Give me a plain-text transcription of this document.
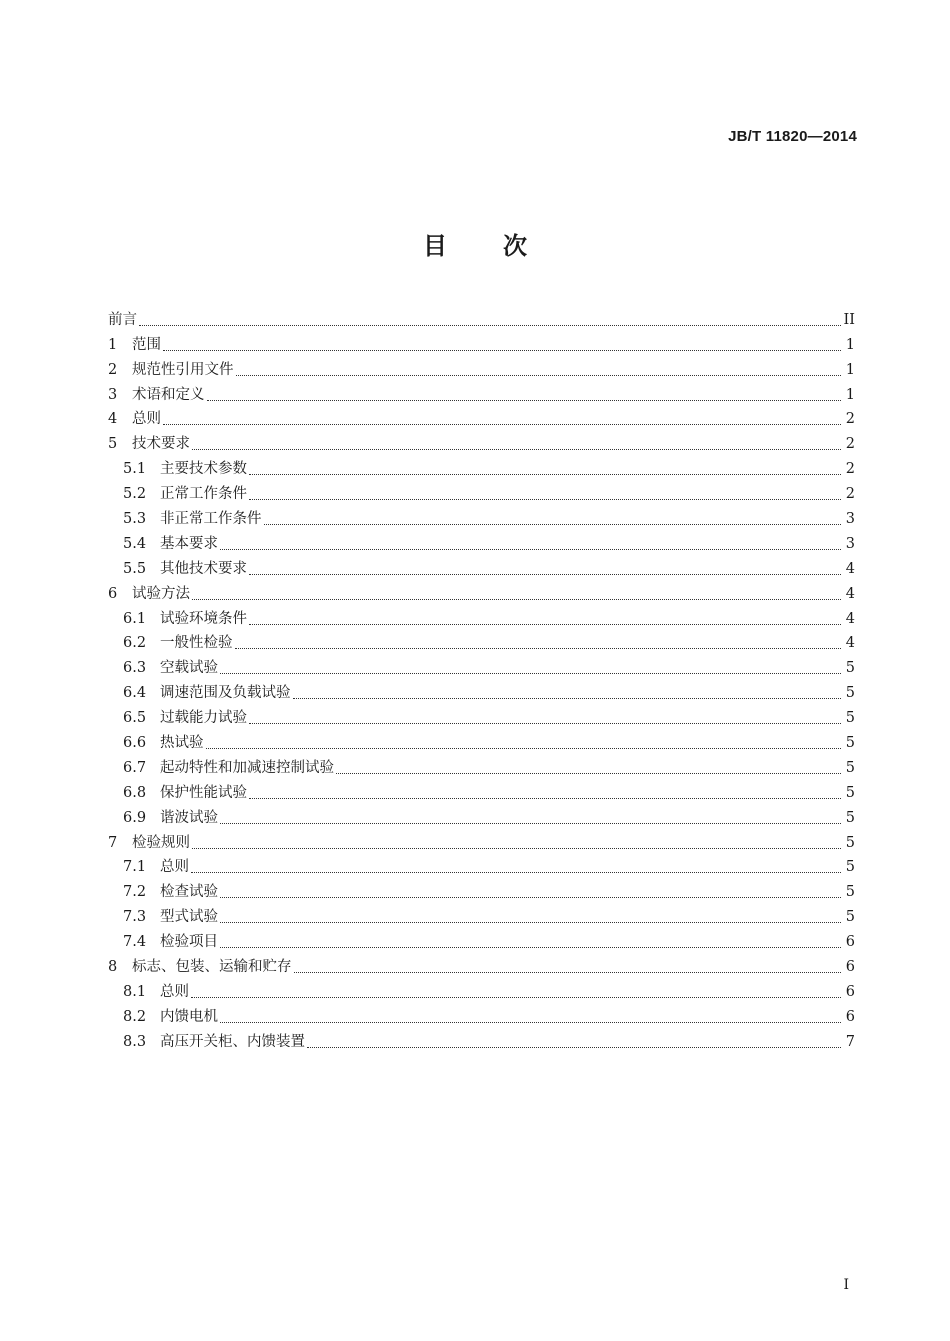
JB/T 11820—2014
目 次
前言	II
1	范围	1
2	规范性引用文件	1
3	术语和定义	1
4	总则	2
5	技术要求	2
5.1 主要技术参数	2
5.2 正常工作条件	2
5.3 非正常工作条件	3
5.4 基本要求	3
5.5 其他技术要求	4
6	试验方法	4
6.1 试验环境条件	4
6.2 一般性检验	4
6.3 空载试验	5
6.4 调速范围及负载试验	5
6.5 过载能力试验	5
6.6 热试验	5
6.7 起动特性和加减速控制试验	5
6.8 保护性能试验	5
6.9 谐波试验	5
7	检验规则	5
7.1 总则	5
7.2 检查试验	5
7.3 型式试验	5
7.4 检验项目	6
8	标志、包装、运输和贮存	6
8.1 总则	6
8.2 内馈电机	6
8.3 高压开关柜、内馈装置	7
I
